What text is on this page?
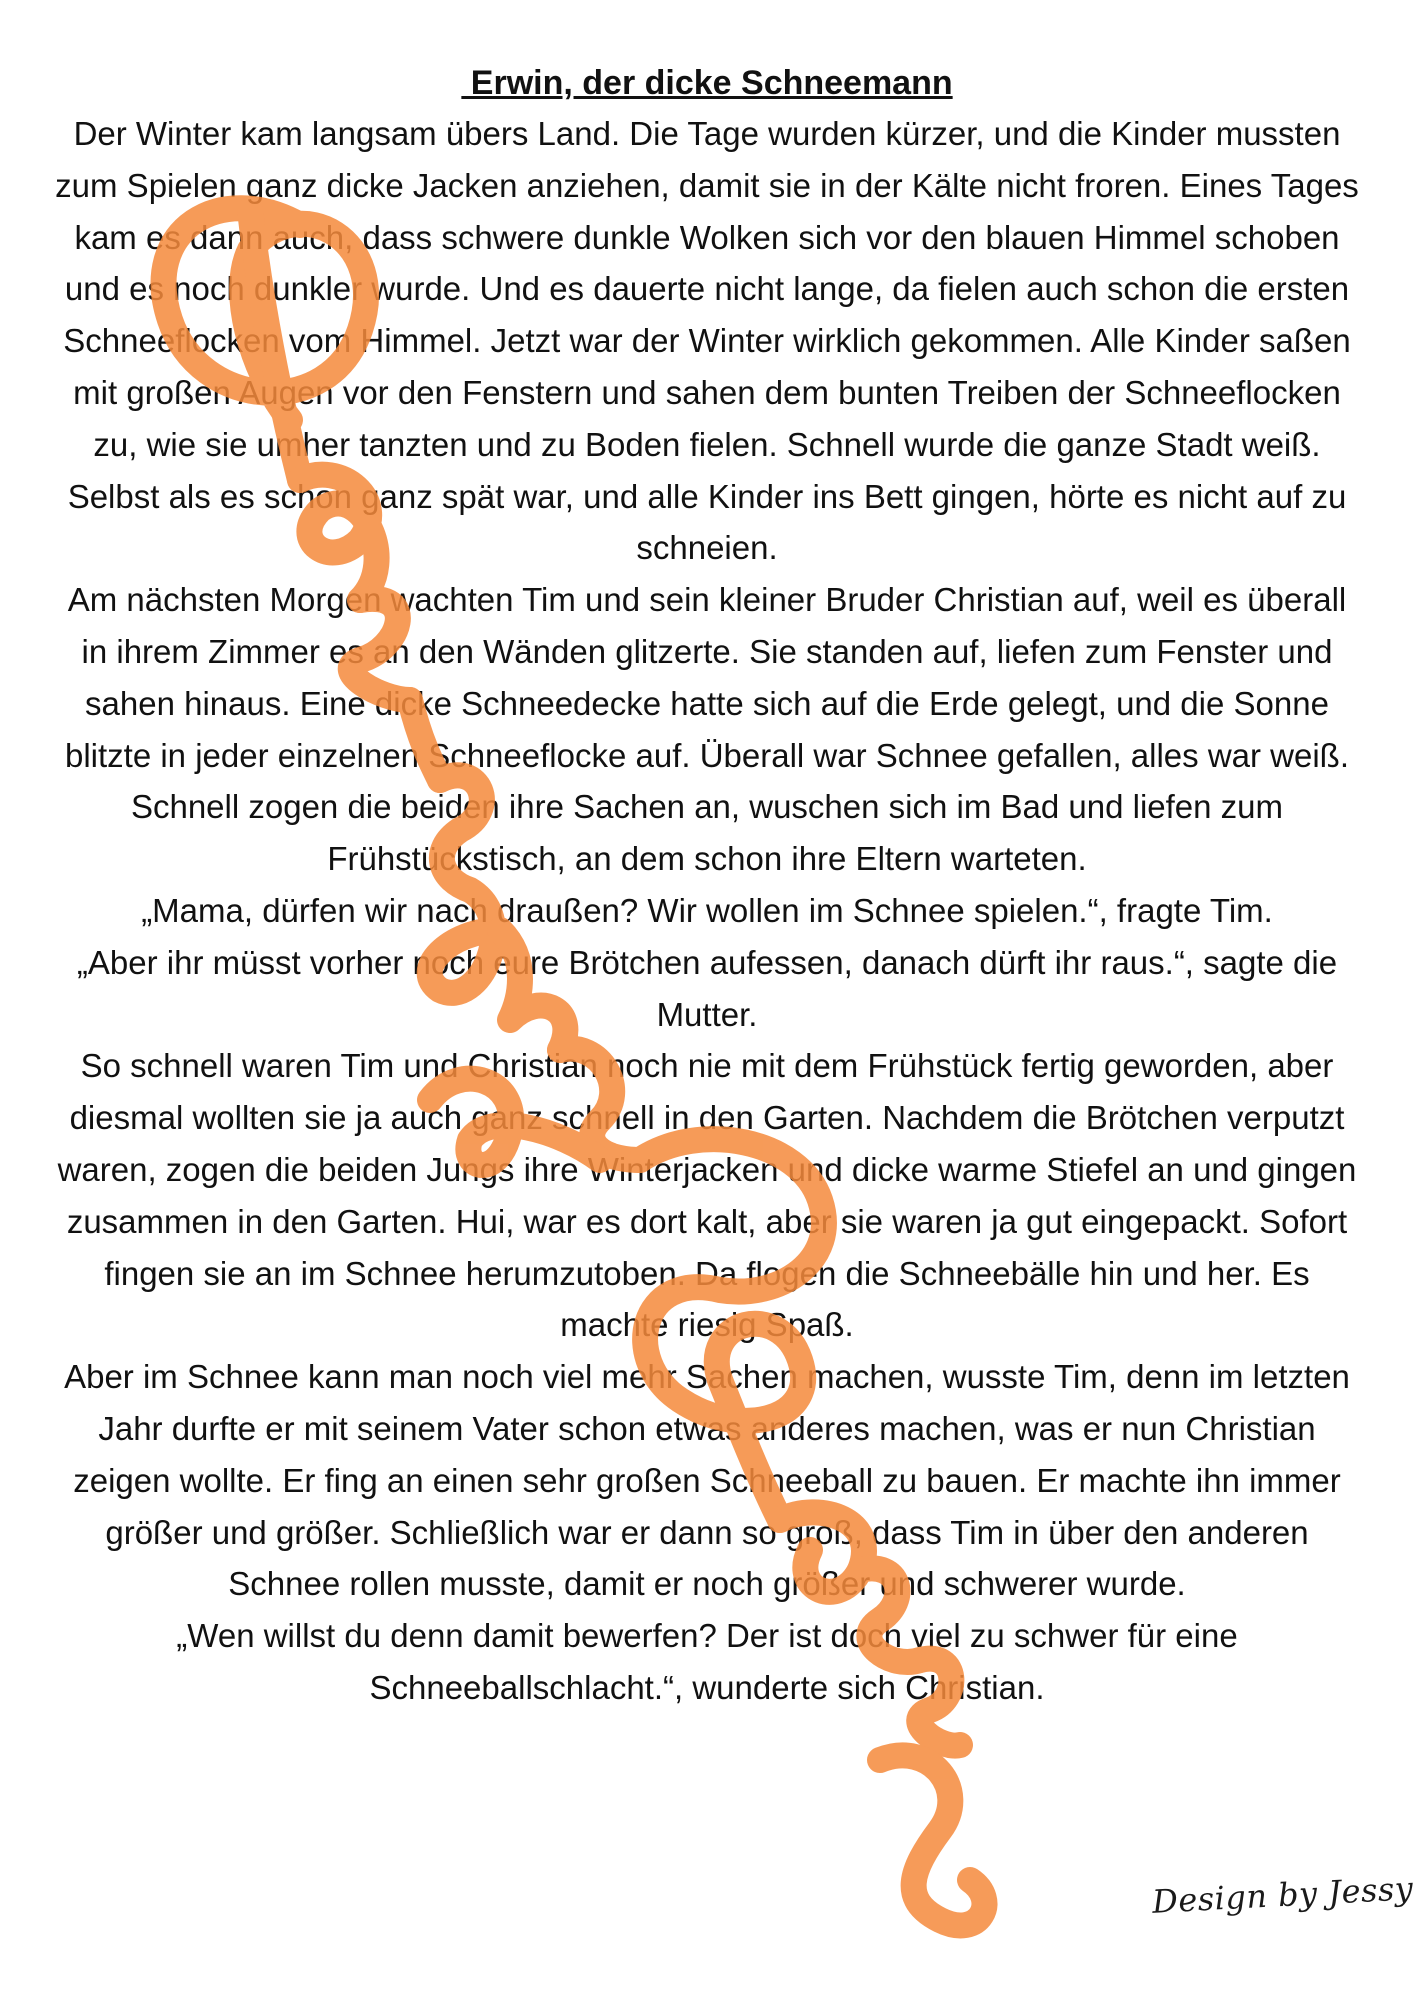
Erwin, der dicke Schneemann
Der Winter kam langsam übers Land. Die Tage wurden kürzer, und die Kinder mussten zum Spielen ganz dicke Jacken anziehen, damit sie in der Kälte nicht froren. Eines Tages kam es dann auch, dass schwere dunkle Wolken sich vor den blauen Himmel schoben und es noch dunkler wurde. Und es dauerte nicht lange, da fielen auch schon die ersten Schneeflocken vom Himmel. Jetzt war der Winter wirklich gekommen. Alle Kinder saßen mit großen Augen vor den Fenstern und sahen dem bunten Treiben der Schneeflocken zu, wie sie umher tanzten und zu Boden fielen. Schnell wurde die ganze Stadt weiß. Selbst als es schon ganz spät war, und alle Kinder ins Bett gingen, hörte es nicht auf zu schneien.
Am nächsten Morgen wachten Tim und sein kleiner Bruder Christian auf, weil es überall in ihrem Zimmer es an den Wänden glitzerte. Sie standen auf, liefen zum Fenster und sahen hinaus. Eine dicke Schneedecke hatte sich auf die Erde gelegt, und die Sonne blitzte in jeder einzelnen Schneeflocke auf. Überall war Schnee gefallen, alles war weiß. Schnell zogen die beiden ihre Sachen an, wuschen sich im Bad und liefen zum Frühstückstisch, an dem schon ihre Eltern warteten.
„Mama, dürfen wir nach draußen? Wir wollen im Schnee spielen.“, fragte Tim.
„Aber ihr müsst vorher noch eure Brötchen aufessen, danach dürft ihr raus.“, sagte die Mutter.
So schnell waren Tim und Christian noch nie mit dem Frühstück fertig geworden, aber diesmal wollten sie ja auch ganz schnell in den Garten. Nachdem die Brötchen verputzt waren, zogen die beiden Jungs ihre Winterjacken und dicke warme Stiefel an und gingen zusammen in den Garten. Hui, war es dort kalt, aber sie waren ja gut eingepackt. Sofort fingen sie an im Schnee herumzutoben. Da flogen die Schneebälle hin und her. Es machte riesig Spaß.
Aber im Schnee kann man noch viel mehr Sachen machen, wusste Tim, denn im letzten Jahr durfte er mit seinem Vater schon etwas anderes machen, was er nun Christian zeigen wollte. Er fing an einen sehr großen Schneeball zu bauen. Er machte ihn immer größer und größer. Schließlich war er dann so groß, dass Tim in über den anderen Schnee rollen musste, damit er noch größer und schwerer wurde.
„Wen willst du denn damit bewerfen? Der ist doch viel zu schwer für eine Schneeballschlacht.“, wunderte sich Christian.
Design by Jessy
